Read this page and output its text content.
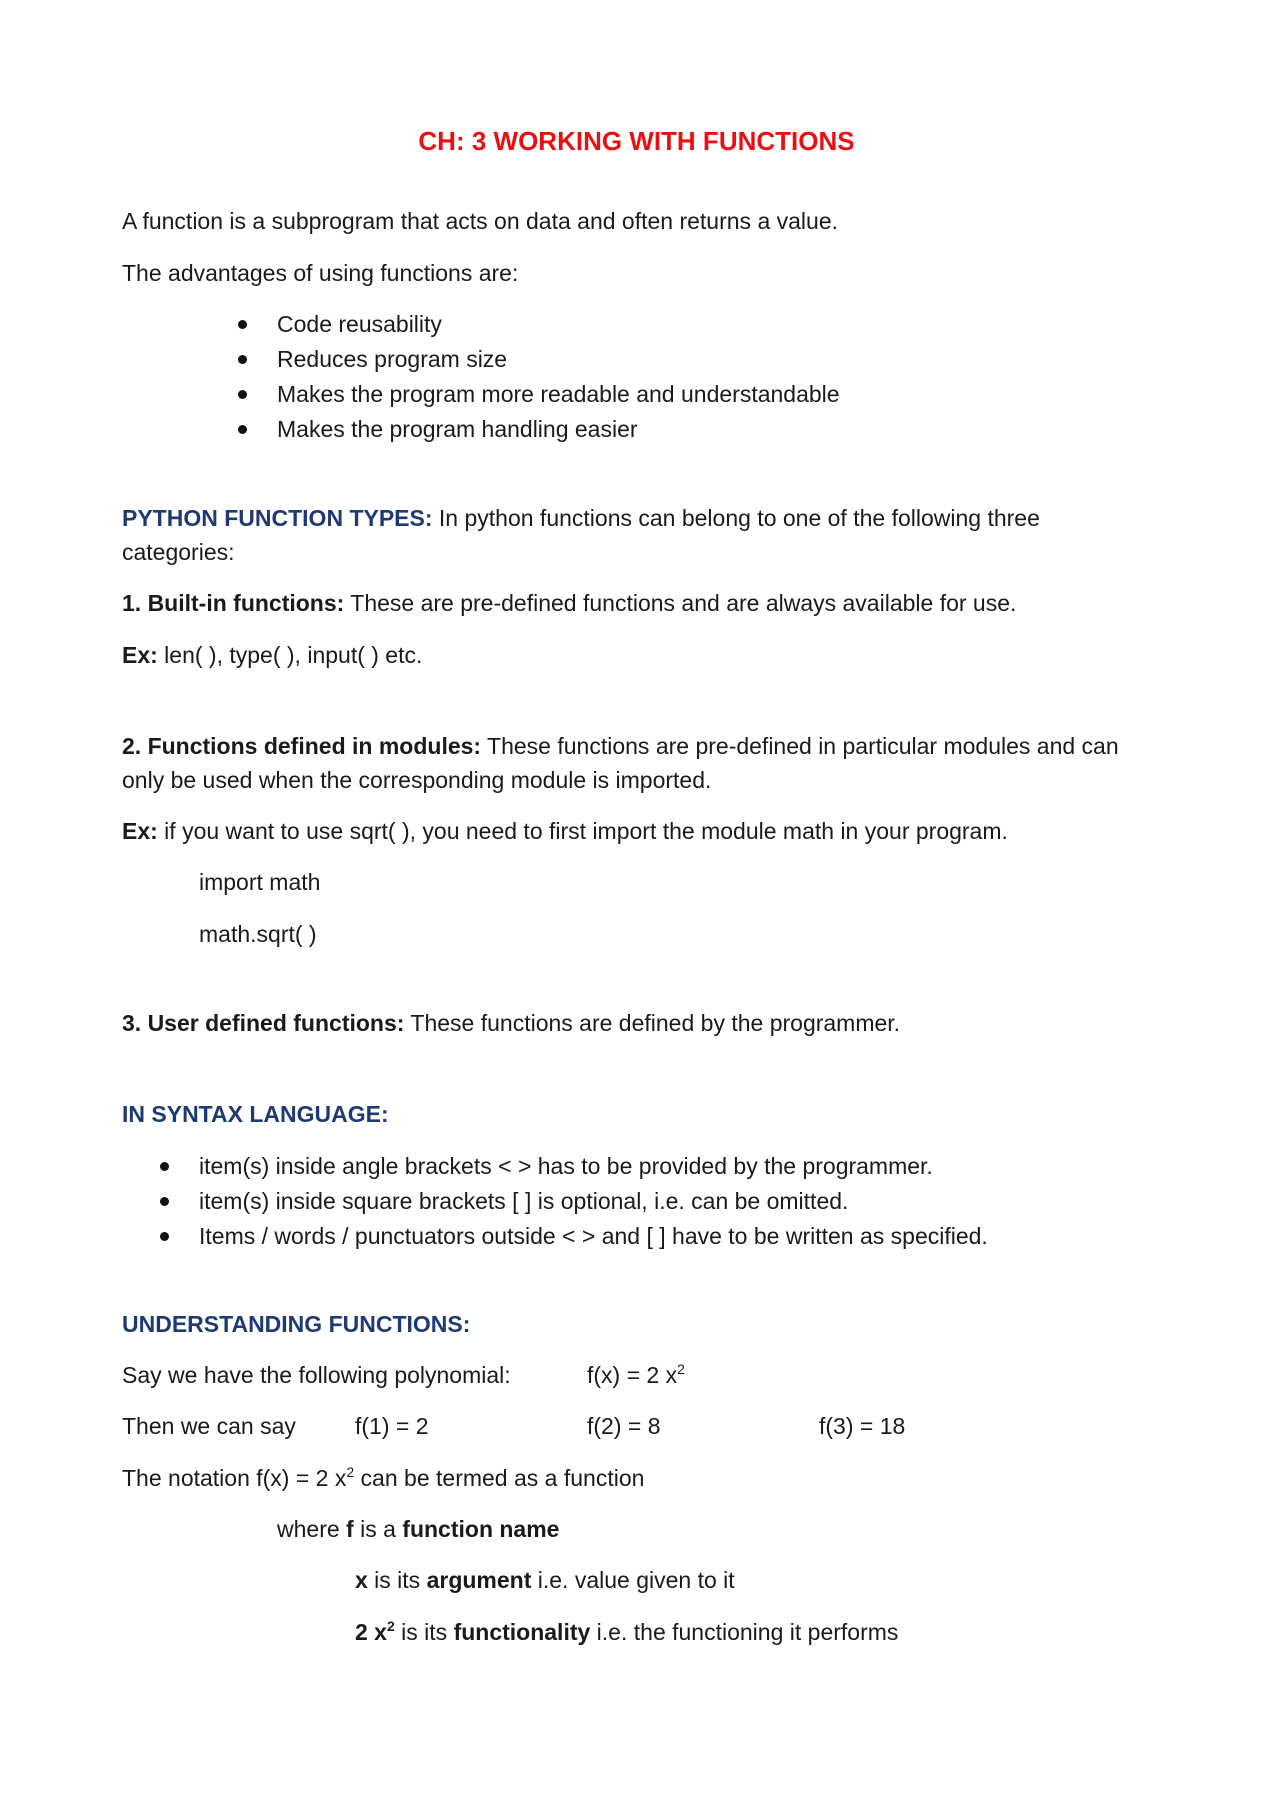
CH: 3 WORKING WITH FUNCTIONS
A function is a subprogram that acts on data and often returns a value.
The advantages of using functions are:
Code reusability
Reduces program size
Makes the program more readable and understandable
Makes the program handling easier
PYTHON FUNCTION TYPES: In python functions can belong to one of the following three
categories:
1. Built-in functions: These are pre-defined functions and are always available for use.
Ex: len( ), type( ), input( ) etc.
2. Functions defined in modules: These functions are pre-defined in particular modules and can
only be used when the corresponding module is imported.
Ex: if you want to use sqrt( ), you need to first import the module math in your program.
import math
math.sqrt( )
3. User defined functions: These functions are defined by the programmer.
IN SYNTAX LANGUAGE:
item(s) inside angle brackets < > has to be provided by the programmer.
item(s) inside square brackets [ ] is optional, i.e. can be omitted.
Items / words / punctuators outside < > and [ ] have to be written as specified.
UNDERSTANDING FUNCTIONS:
Say we have the following polynomial:	f(x) = 2 $x^2$
Then we can say	f(1) = 2	f(2) = 8	f(3) = 18
The notation f(x) = 2 $x^2$ can be termed as a function
where f is a function name
x is its argument i.e. value given to it
2 $x^2$ is its functionality i.e. the functioning it performs
